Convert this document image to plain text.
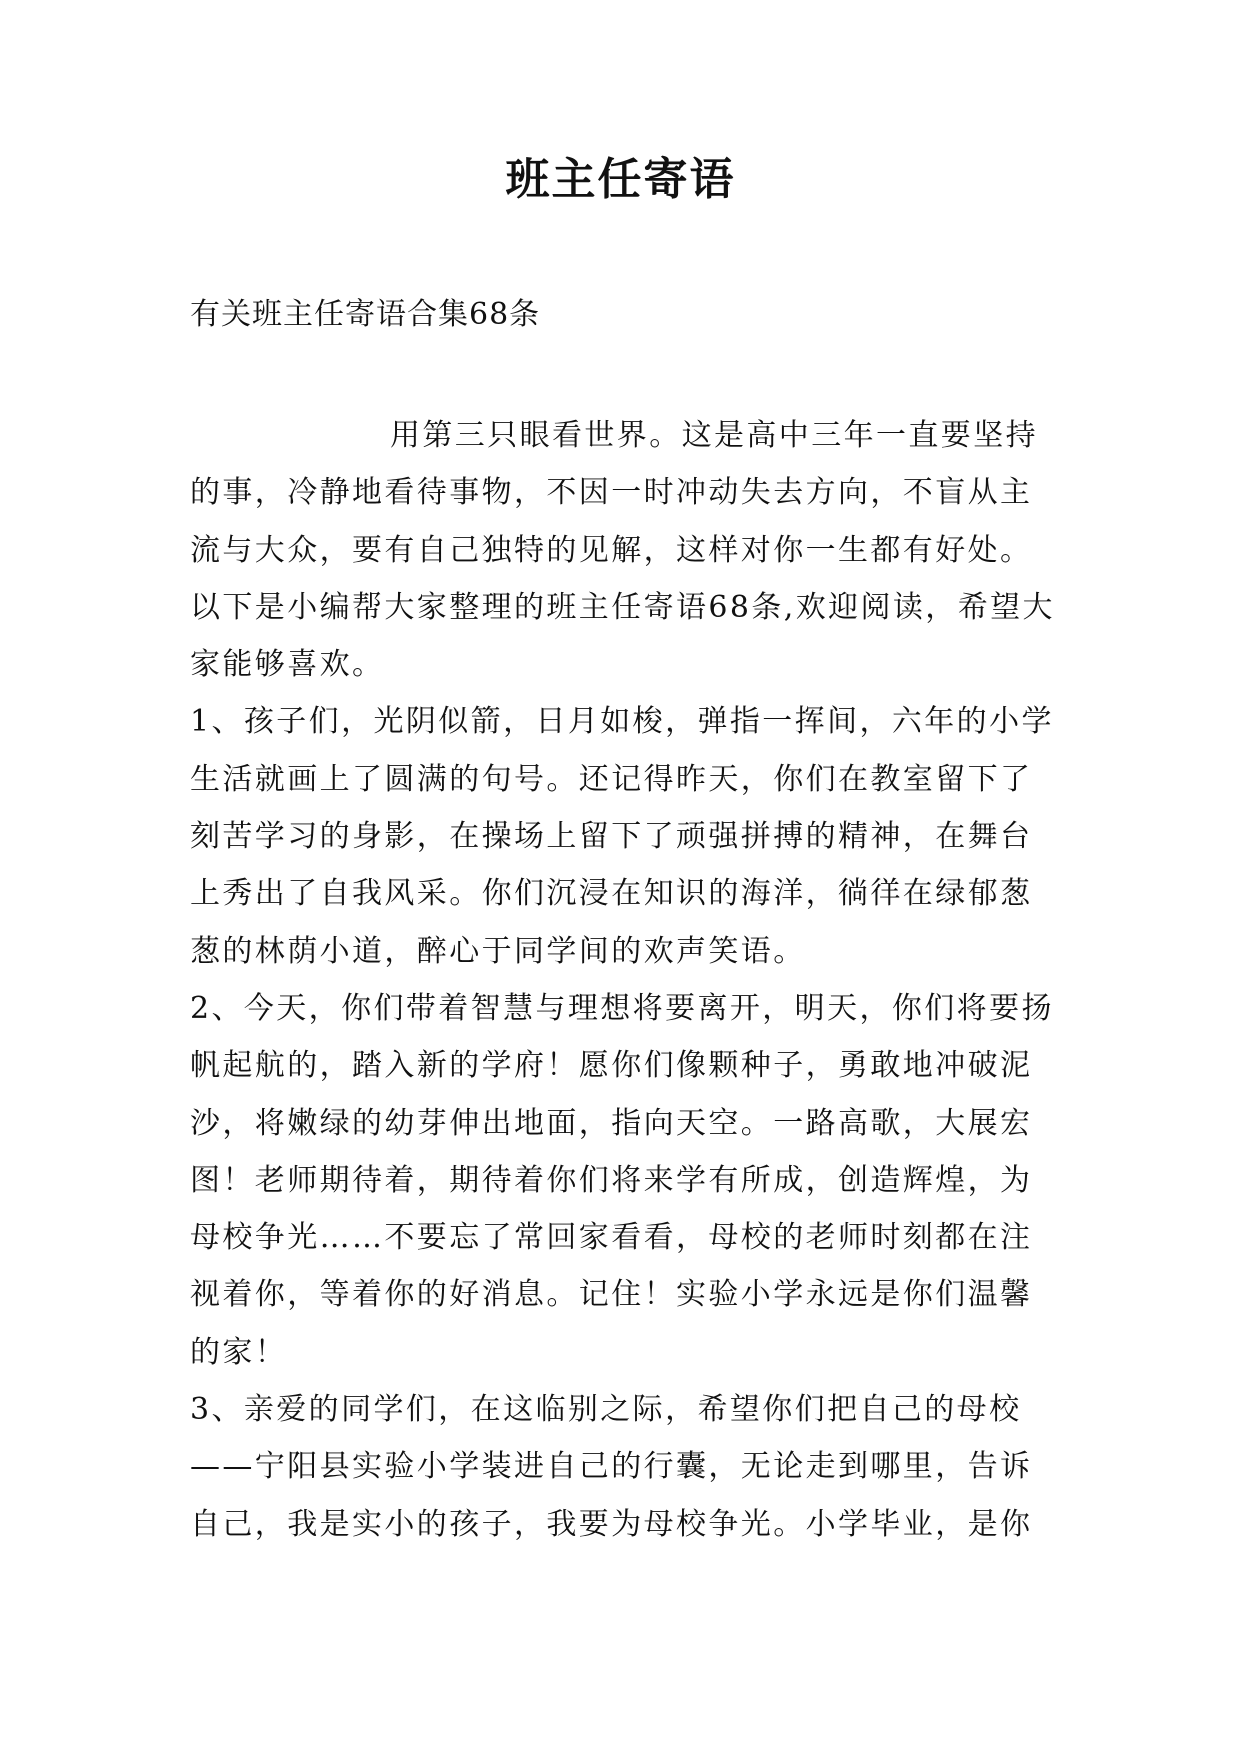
班主任寄语
有关班主任寄语合集68条

用第三只眼看世界。这是高中三年一直要坚持的事，冷静地看待事物，不因一时冲动失去方向，不盲从主流与大众，要有自己独特的见解，这样对你一生都有好处。以下是小编帮大家整理的班主任寄语68条,欢迎阅读，希望大家能够喜欢。

1、孩子们，光阴似箭，日月如梭，弹指一挥间，六年的小学生活就画上了圆满的句号。还记得昨天，你们在教室留下了刻苦学习的身影，在操场上留下了顽强拼搏的精神，在舞台上秀出了自我风采。你们沉浸在知识的海洋，徜徉在绿郁葱葱的林荫小道，醉心于同学间的欢声笑语。

2、今天，你们带着智慧与理想将要离开，明天，你们将要扬帆起航的，踏入新的学府！愿你们像颗种子，勇敢地冲破泥沙，将嫩绿的幼芽伸出地面，指向天空。一路高歌，大展宏图！老师期待着，期待着你们将来学有所成，创造辉煌，为母校争光……不要忘了常回家看看，母校的老师时刻都在注视着你，等着你的好消息。记住！实验小学永远是你们温馨的家！

3、亲爱的同学们，在这临别之际，希望你们把自己的母校——宁阳县实验小学装进自己的行囊，无论走到哪里，告诉自己，我是实小的孩子，我要为母校争光。小学毕业，是你
